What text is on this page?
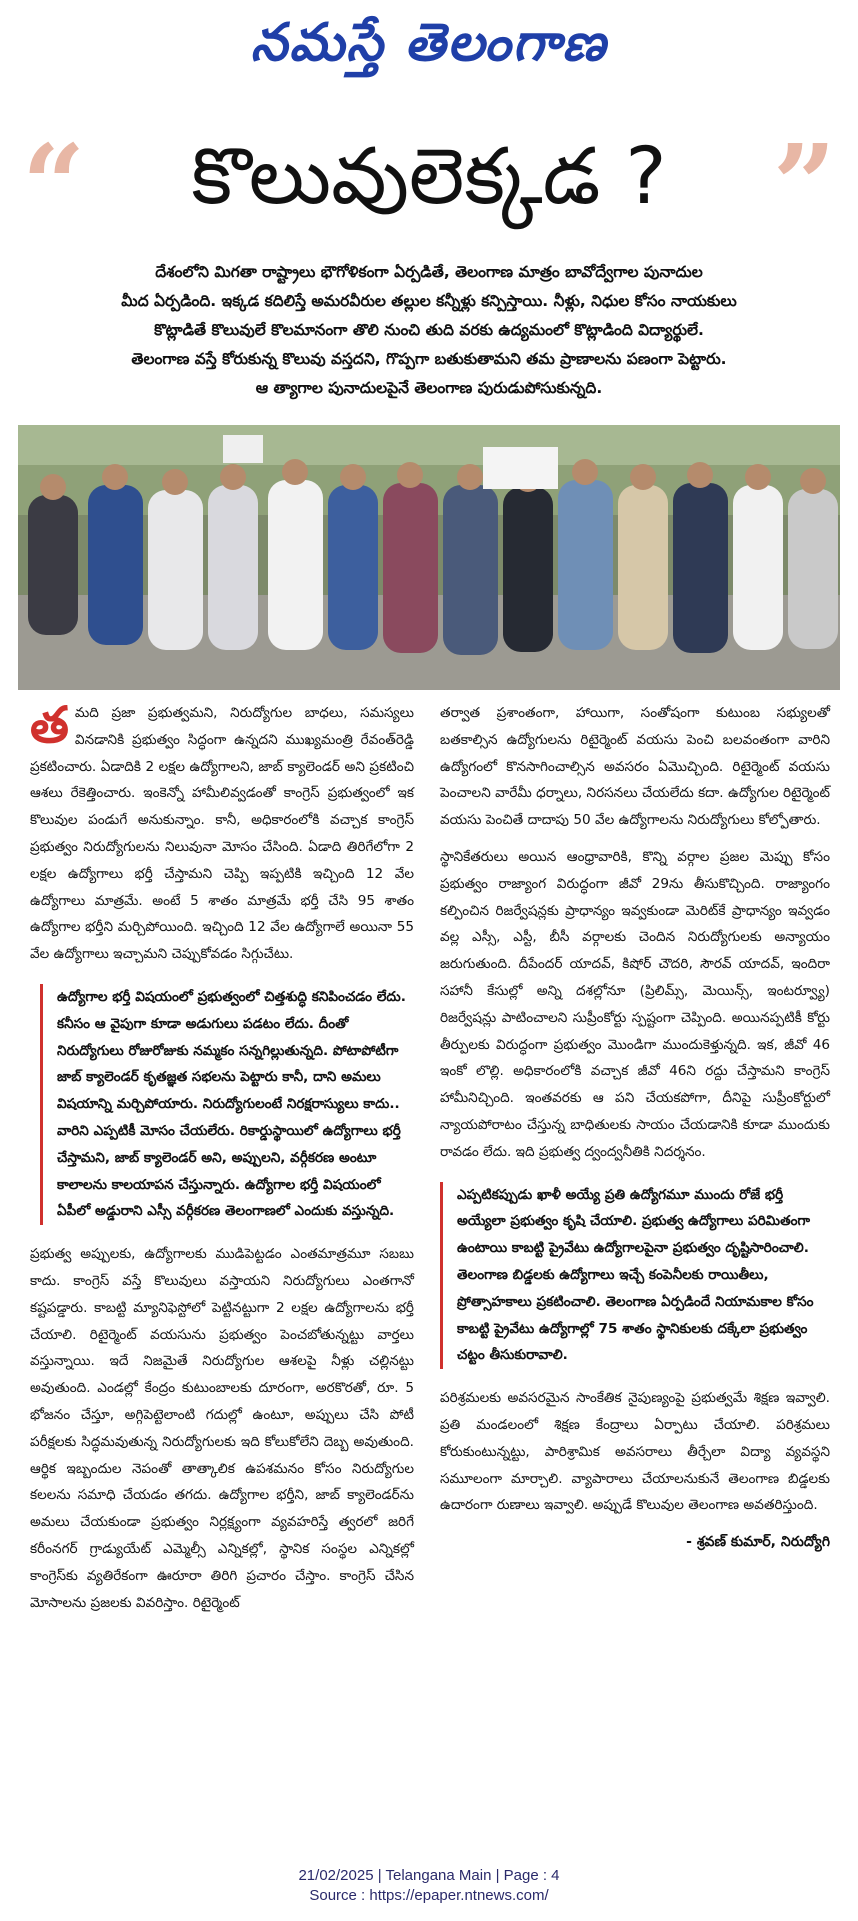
నమస్తే తెలంగాణ
“	”
కొలువులెక్కడ ?

దేశంలోని మిగతా రాష్ట్రాలు భౌగోళికంగా ఏర్పడితే, తెలంగాణ మాత్రం బావోద్వేగాల పునాదుల

మీద ఏర్పడింది. ఇక్కడ కదిలిస్తే అమరవీరుల తల్లుల కన్నీళ్లు కన్పిస్తాయి. నీళ్లు, నిధుల కోసం నాయకులు

కొట్లాడితే కొలువులే కొలమానంగా తొలి నుంచి తుది వరకు ఉద్యమంలో కొట్లాడింది విద్యార్థులే.

తెలంగాణ వస్తే కోరుకున్న కొలువు వస్తదని, గొప్పగా బతుకుతామని తమ ప్రాణాలను పణంగా పెట్టారు.

ఆ త్యాగాల పునాదులపైనే తెలంగాణ పురుడుపోసుకున్నది.

తమది ప్రజా ప్రభుత్వమని, నిరుద్యోగుల బాధలు, సమస్యలు వినడానికి ప్రభుత్వం సిద్ధంగా ఉన్నదని ముఖ్యమంత్రి రేవంత్‌రెడ్డి ప్రకటించారు. ఏడాదికి 2 లక్షల ఉద్యోగాలని, జాబ్ క్యాలెండర్ అని ప్రకటించి ఆశలు రేకెత్తించారు. ఇంకెన్నో హామీలివ్వడంతో కాంగ్రెస్ ప్రభుత్వంలో ఇక కొలువుల పండుగే అనుకున్నాం. కానీ, అధికారంలోకి వచ్చాక కాంగ్రెస్ ప్రభుత్వం నిరుద్యోగులను నిలువునా మోసం చేసింది. ఏడాది తిరిగేలోగా 2 లక్షల ఉద్యోగాలు భర్తీ చేస్తామని చెప్పి ఇప్పటికి ఇచ్చింది 12 వేల ఉద్యోగాలు మాత్రమే. అంటే 5 శాతం మాత్రమే భర్తీ చేసి 95 శాతం ఉద్యోగాల భర్తీని మర్చిపోయింది. ఇచ్చింది 12 వేల ఉద్యోగాలే అయినా 55 వేల ఉద్యోగాలు ఇచ్చామని చెప్పుకోవడం సిగ్గుచేటు.

ఉద్యోగాల భర్తీ విషయంలో ప్రభుత్వంలో చిత్తశుద్ధి కనిపించడం లేదు. కనీసం ఆ వైపుగా కూడా అడుగులు పడటం లేదు. దీంతో నిరుద్యోగులు రోజురోజుకు నమ్మకం సన్నగిల్లుతున్నది. పోటాపోటీగా జాబ్ క్యాలెండర్ కృతజ్ఞత సభలను పెట్టారు కానీ, దాని అమలు విషయాన్ని మర్చిపోయారు. నిరుద్యోగులంటే నిరక్షరాస్యులు కాదు.. వారిని ఎప్పటికీ మోసం చేయలేరు. రికార్డుస్థాయిలో ఉద్యోగాలు భర్తీ చేస్తామని, జాబ్ క్యాలెండర్ అని, అప్పులని, వర్గీకరణ అంటూ కాలాలను కాలయాపన చేస్తున్నారు. ఉద్యోగాల భర్తీ విషయంలో ఏపీలో అడ్డురాని ఎస్సీ వర్గీకరణ తెలంగాణలో ఎందుకు వస్తున్నది.

ప్రభుత్వ అప్పులకు, ఉద్యోగాలకు ముడిపెట్టడం ఎంతమాత్రమూ సబబు కాదు. కాంగ్రెస్ వస్తే కొలువులు వస్తాయని నిరుద్యోగులు ఎంతగానో కష్టపడ్డారు. కాబట్టి మ్యానిఫెస్టోలో పెట్టినట్టుగా 2 లక్షల ఉద్యోగాలను భర్తీ చేయాలి. రిటైర్మెంట్ వయసును ప్రభుత్వం పెంచబోతున్నట్టు వార్తలు వస్తున్నాయి. ఇదే నిజమైతే నిరుద్యోగుల ఆశలపై నీళ్లు చల్లినట్టు అవుతుంది. ఎండల్లో కేంద్రం కుటుంబాలకు దూరంగా, అరకొరతో, రూ. 5 భోజనం చేస్తూ, అగ్గిపెట్టెలాంటి గదుల్లో ఉంటూ, అప్పులు చేసి పోటీ పరీక్షలకు సిద్ధమవుతున్న నిరుద్యోగులకు ఇది కోలుకోలేని దెబ్బ అవుతుంది. ఆర్థిక ఇబ్బందుల నెపంతో తాత్కాలిక ఉపశమనం కోసం నిరుద్యోగుల కలలను సమాధి చేయడం తగదు. ఉద్యోగాల భర్తీని, జాబ్ క్యాలెండర్‌ను అమలు చేయకుండా ప్రభుత్వం నిర్లక్ష్యంగా వ్యవహరిస్తే త్వరలో జరిగే కరీంనగర్ గ్రాడ్యుయేట్ ఎమ్మెల్సీ ఎన్నికల్లో, స్థానిక సంస్థల ఎన్నికల్లో కాంగ్రెస్‌కు వ్యతిరేకంగా ఊరూరా తిరిగి ప్రచారం చేస్తాం. కాంగ్రెస్ చేసిన మోసాలను ప్రజలకు వివరిస్తాం. రిటైర్మెంట్

తర్వాత ప్రశాంతంగా, హాయిగా, సంతోషంగా కుటుంబ సభ్యులతో బతకాల్సిన ఉద్యోగులను రిటైర్మెంట్ వయసు పెంచి బలవంతంగా వారిని ఉద్యోగంలో కొనసాగించాల్సిన అవసరం ఏమొచ్చింది. రిటైర్మెంట్ వయసు పెంచాలని వారేమీ ధర్నాలు, నిరసనలు చేయలేదు కదా. ఉద్యోగుల రిటైర్మెంట్ వయసు పెంచితే దాదాపు 50 వేల ఉద్యోగాలను నిరుద్యోగులు కోల్పోతారు.

స్థానికేతరులు అయిన ఆంధ్రావారికి, కొన్ని వర్గాల ప్రజల మెప్పు కోసం ప్రభుత్వం రాజ్యాంగ విరుద్ధంగా జీవో 29ను తీసుకొచ్చింది. రాజ్యాంగం కల్పించిన రిజర్వేషన్లకు ప్రాధాన్యం ఇవ్వకుండా మెరిట్‌కే ప్రాధాన్యం ఇవ్వడం వల్ల ఎస్సీ, ఎస్టీ, బీసీ వర్గాలకు చెందిన నిరుద్యోగులకు అన్యాయం జరుగుతుంది. దీపేందర్ యాదవ్, కిషోర్ చౌదరి, సౌరవ్ యాదవ్, ఇందిరా సహానీ కేసుల్లో అన్ని దశల్లోనూ (ప్రిలిమ్స్, మెయిన్స్, ఇంటర్వ్యూ) రిజర్వేషన్లు పాటించాలని సుప్రీంకోర్టు స్పష్టంగా చెప్పింది. అయినప్పటికీ కోర్టు తీర్పులకు విరుద్ధంగా ప్రభుత్వం మొండిగా ముందుకెళ్తున్నది. ఇక, జీవో 46 ఇంకో లొల్లి. అధికారంలోకి వచ్చాక జీవో 46ని రద్దు చేస్తామని కాంగ్రెస్ హామీనిచ్చింది. ఇంతవరకు ఆ పని చేయకపోగా, దీనిపై సుప్రీంకోర్టులో న్యాయపోరాటం చేస్తున్న బాధితులకు సాయం చేయడానికి కూడా ముందుకు రావడం లేదు. ఇది ప్రభుత్వ ద్వంద్వనీతికి నిదర్శనం.

ఎప్పటికప్పుడు ఖాళీ అయ్యే ప్రతి ఉద్యోగమూ ముందు రోజే భర్తీ అయ్యేలా ప్రభుత్వం కృషి చేయాలి. ప్రభుత్వ ఉద్యోగాలు పరిమితంగా ఉంటాయి కాబట్టి ప్రైవేటు ఉద్యోగాలపైనా ప్రభుత్వం దృష్టిసారించాలి. తెలంగాణ బిడ్డలకు ఉద్యోగాలు ఇచ్చే కంపెనీలకు రాయితీలు, ప్రోత్సాహకాలు ప్రకటించాలి. తెలంగాణ ఏర్పడిందే నియామకాల కోసం కాబట్టి ప్రైవేటు ఉద్యోగాల్లో 75 శాతం స్థానికులకు దక్కేలా ప్రభుత్వం చట్టం తీసుకురావాలి.

పరిశ్రమలకు అవసరమైన సాంకేతిక నైపుణ్యంపై ప్రభుత్వమే శిక్షణ ఇవ్వాలి. ప్రతి మండలంలో శిక్షణ కేంద్రాలు ఏర్పాటు చేయాలి. పరిశ్రమలు కోరుకుంటున్నట్టు, పారిశ్రామిక అవసరాలు తీర్చేలా విద్యా వ్యవస్థని సమూలంగా మార్చాలి. వ్యాపారాలు చేయాలనుకునే తెలంగాణ బిడ్డలకు ఉదారంగా రుణాలు ఇవ్వాలి. అప్పుడే కొలువుల తెలంగాణ అవతరిస్తుంది.

- శ్రవణ్ కుమార్, నిరుద్యోగి
21/02/2025 | Telangana Main | Page : 4
Source : https://epaper.ntnews.com/
